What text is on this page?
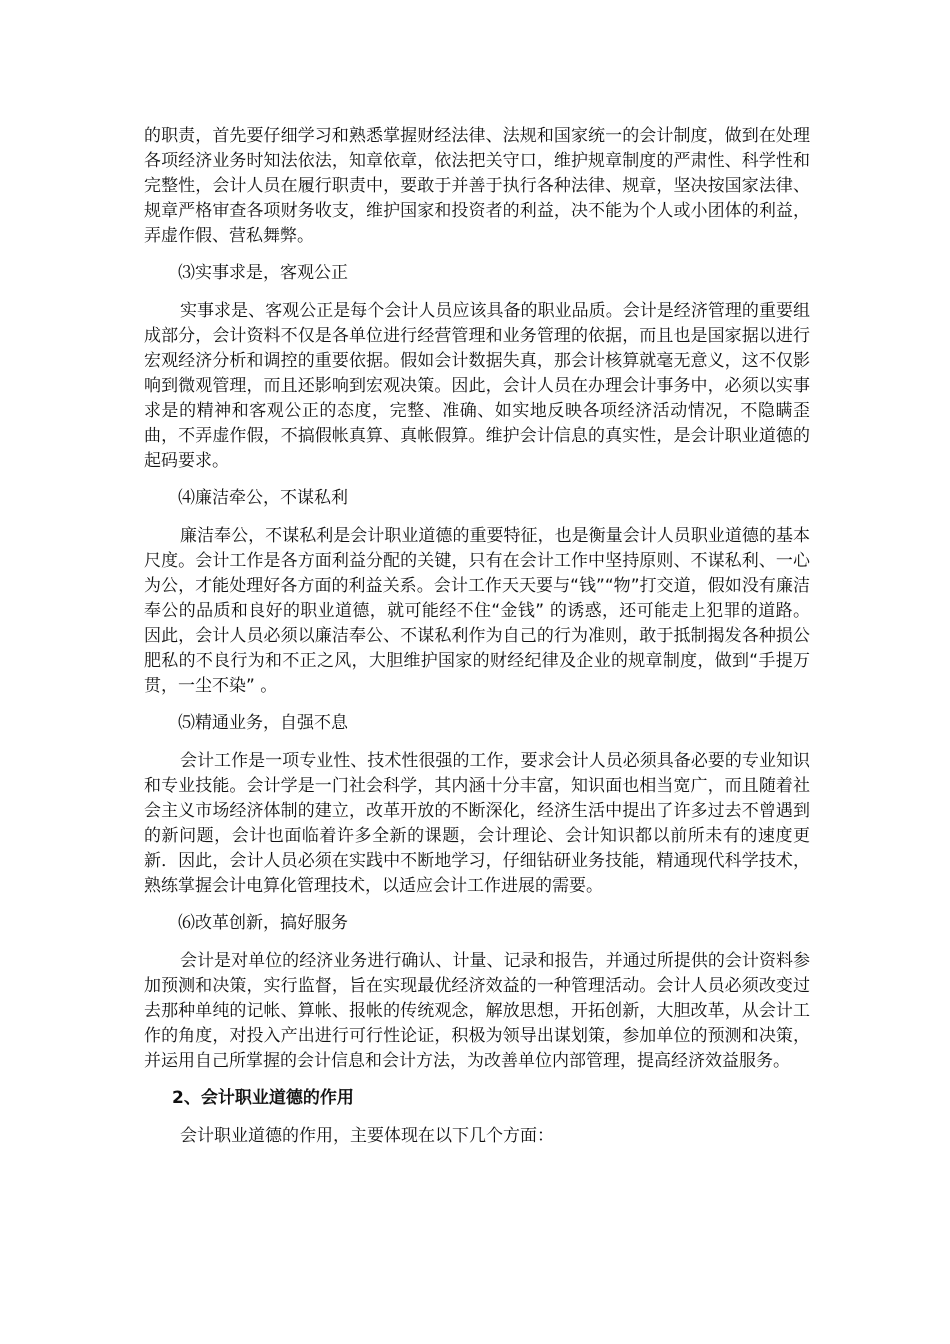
的职责，首先要仔细学习和熟悉掌握财经法律、法规和国家统一的会计制度，做到在处理各项经济业务时知法依法，知章依章，依法把关守口，维护规章制度的严肃性、科学性和完整性，会计人员在履行职责中，要敢于并善于执行各种法律、规章，坚决按国家法律、规章严格审查各项财务收支，维护国家和投资者的利益，决不能为个人或小团体的利益，弄虚作假、营私舞弊。

⑶实事求是，客观公正

实事求是、客观公正是每个会计人员应该具备的职业品质。会计是经济管理的重要组成部分，会计资料不仅是各单位进行经营管理和业务管理的依据，而且也是国家据以进行宏观经济分析和调控的重要依据。假如会计数据失真，那会计核算就毫无意义，这不仅影响到微观管理，而且还影响到宏观决策。因此，会计人员在办理会计事务中，必须以实事求是的精神和客观公正的态度，完整、准确、如实地反映各项经济活动情况，不隐瞒歪曲，不弄虚作假，不搞假帐真算、真帐假算。维护会计信息的真实性，是会计职业道德的起码要求。

⑷廉洁牵公，不谋私利

廉洁奉公，不谋私利是会计职业道德的重要特征，也是衡量会计人员职业道德的基本尺度。会计工作是各方面利益分配的关键，只有在会计工作中坚持原则、不谋私利、一心为公，才能处理好各方面的利益关系。会计工作天天要与“钱”“物”打交道，假如没有廉洁奉公的品质和良好的职业道德，就可能经不住“金钱” 的诱惑，还可能走上犯罪的道路。因此，会计人员必须以廉洁奉公、不谋私利作为自己的行为准则，敢于抵制揭发各种损公肥私的不良行为和不正之风，大胆维护国家的财经纪律及企业的规章制度，做到“手提万贯，一尘不染” 。

⑸精通业务，自强不息

会计工作是一项专业性、技术性很强的工作，要求会计人员必须具备必要的专业知识和专业技能。会计学是一门社会科学，其内涵十分丰富，知识面也相当宽广，而且随着社会主义市场经济体制的建立，改革开放的不断深化，经济生活中提出了许多过去不曾遇到的新问题，会计也面临着许多全新的课题，会计理论、会计知识都以前所未有的速度更新．因此，会计人员必须在实践中不断地学习，仔细钻研业务技能，精通现代科学技术，熟练掌握会计电算化管理技术，以适应会计工作进展的需要。

⑹改革创新，搞好服务

会计是对单位的经济业务进行确认、计量、记录和报告，并通过所提供的会计资料参加预测和决策，实行监督，旨在实现最优经济效益的一种管理活动。会计人员必须改变过去那种单纯的记帐、算帐、报帐的传统观念，解放思想，开拓创新，大胆改革，从会计工作的角度，对投入产出进行可行性论证，积极为领导出谋划策，参加单位的预测和决策，并运用自己所掌握的会计信息和会计方法，为改善单位内部管理，提高经济效益服务。

2、会计职业道德的作用

会计职业道德的作用，主要体现在以下几个方面：
